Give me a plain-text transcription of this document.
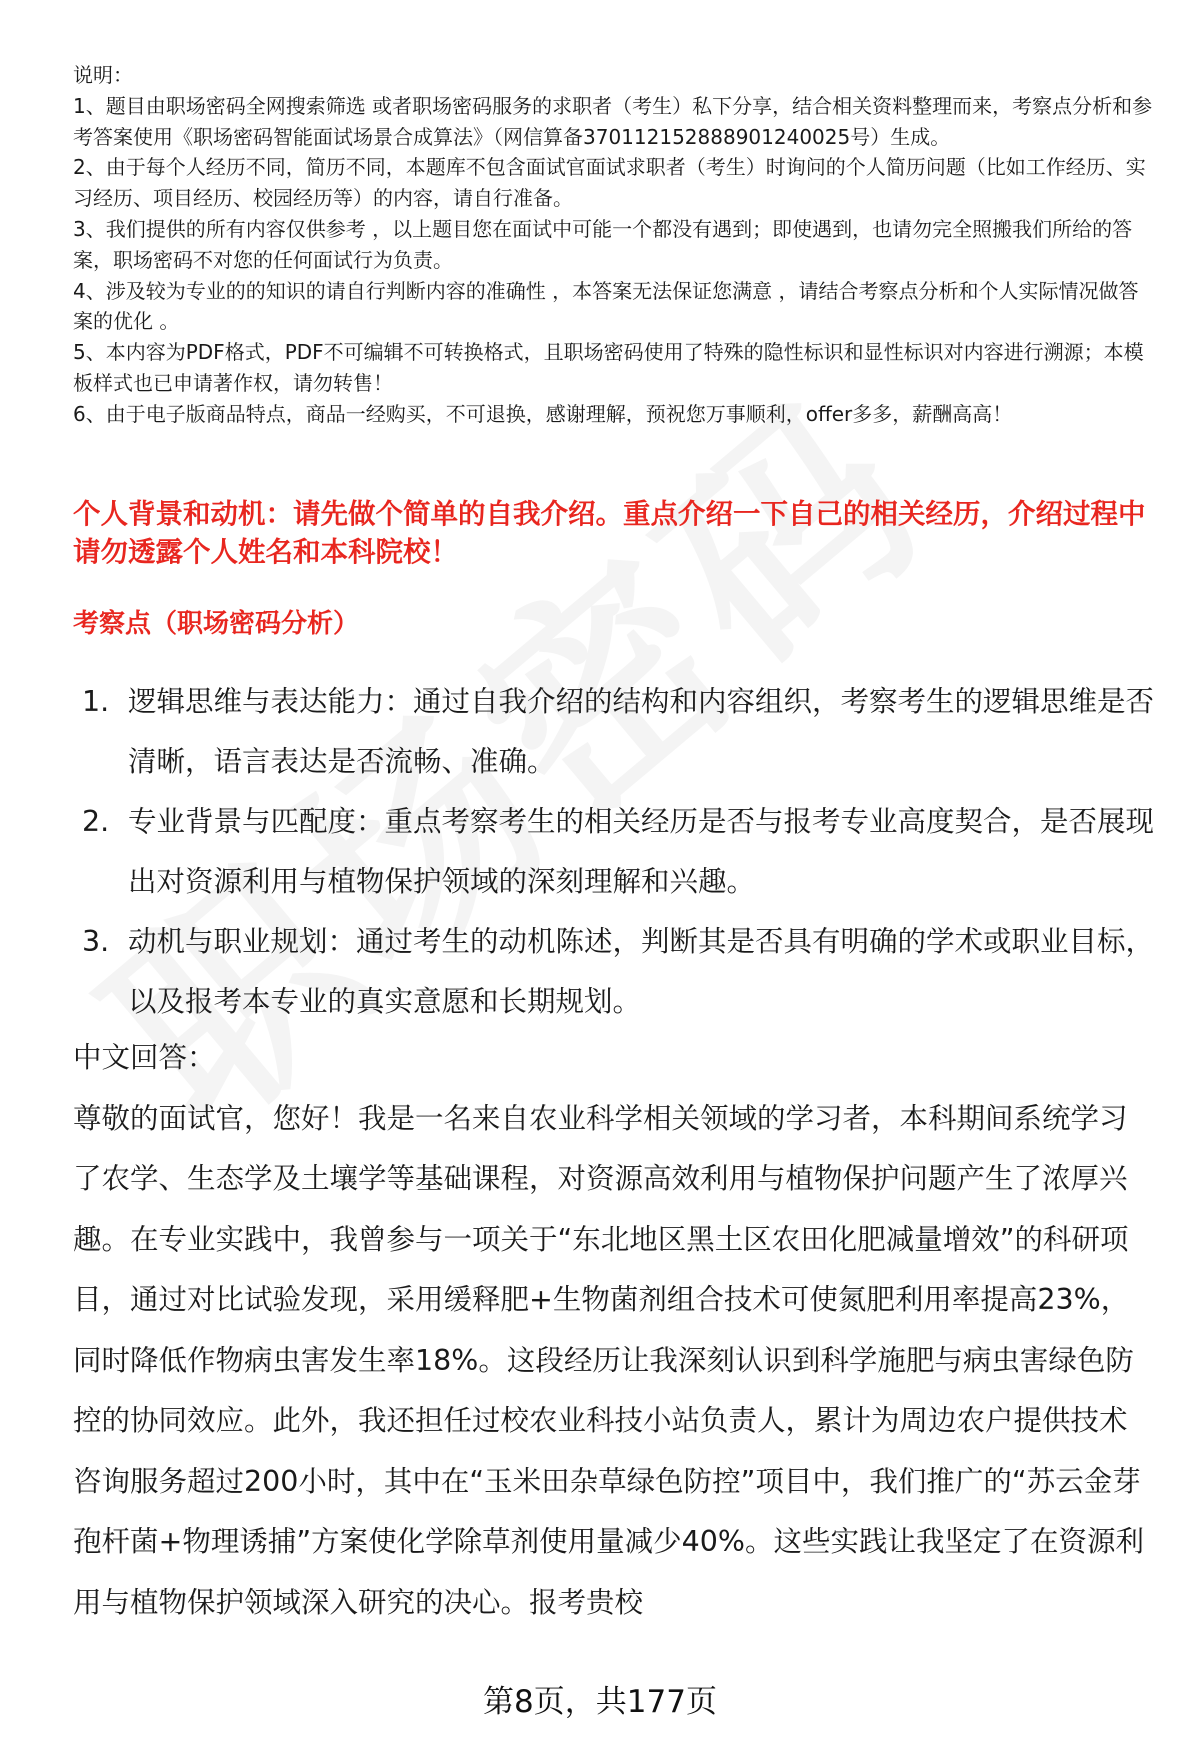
说明：

1、题目由职场密码全网搜索筛选 或者职场密码服务的求职者（考生）私下分享，结合相关资料整理而来，考察点分析和参考答案使用《职场密码智能面试场景合成算法》（网信算备370112152888901240025号）生成。

2、由于每个人经历不同，简历不同，本题库不包含面试官面试求职者（考生）时询问的个人简历问题（比如工作经历、实习经历、项目经历、校园经历等）的内容，请自行准备。

3、我们提供的所有内容仅供参考 ，以上题目您在面试中可能一个都没有遇到；即使遇到，也请勿完全照搬我们所给的答案，职场密码不对您的任何面试行为负责。

4、涉及较为专业的的知识的请自行判断内容的准确性 ，本答案无法保证您满意 ，请结合考察点分析和个人实际情况做答案的优化 。

5、本内容为PDF格式，PDF不可编辑不可转换格式，且职场密码使用了特殊的隐性标识和显性标识对内容进行溯源；本模板样式也已申请著作权，请勿转售！

6、由于电子版商品特点，商品一经购买，不可退换，感谢理解，预祝您万事顺利，offer多多，薪酬高高！

个人背景和动机：请先做个简单的自我介绍。重点介绍一下自己的相关经历，介绍过程中请勿透露个人姓名和本科院校！
考察点（职场密码分析）
1. 逻辑思维与表达能力：通过自我介绍的结构和内容组织，考察考生的逻辑思维是否清晰，语言表达是否流畅、准确。
2. 专业背景与匹配度：重点考察考生的相关经历是否与报考专业高度契合，是否展现出对资源利用与植物保护领域的深刻理解和兴趣。
3. 动机与职业规划：通过考生的动机陈述，判断其是否具有明确的学术或职业目标，以及报考本专业的真实意愿和长期规划。

中文回答：

尊敬的面试官，您好！我是一名来自农业科学相关领域的学习者，本科期间系统学习了农学、生态学及土壤学等基础课程，对资源高效利用与植物保护问题产生了浓厚兴趣。在专业实践中，我曾参与一项关于“东北地区黑土区农田化肥减量增效”的科研项目，通过对比试验发现，采用缓释肥+生物菌剂组合技术可使氮肥利用率提高23%，同时降低作物病虫害发生率18%。这段经历让我深刻认识到科学施肥与病虫害绿色防控的协同效应。此外，我还担任过校农业科技小站负责人，累计为周边农户提供技术咨询服务超过200小时，其中在“玉米田杂草绿色防控”项目中，我们推广的“苏云金芽孢杆菌+物理诱捕”方案使化学除草剂使用量减少40%。这些实践让我坚定了在资源利用与植物保护领域深入研究的决心。报考贵校

第8页，共177页
